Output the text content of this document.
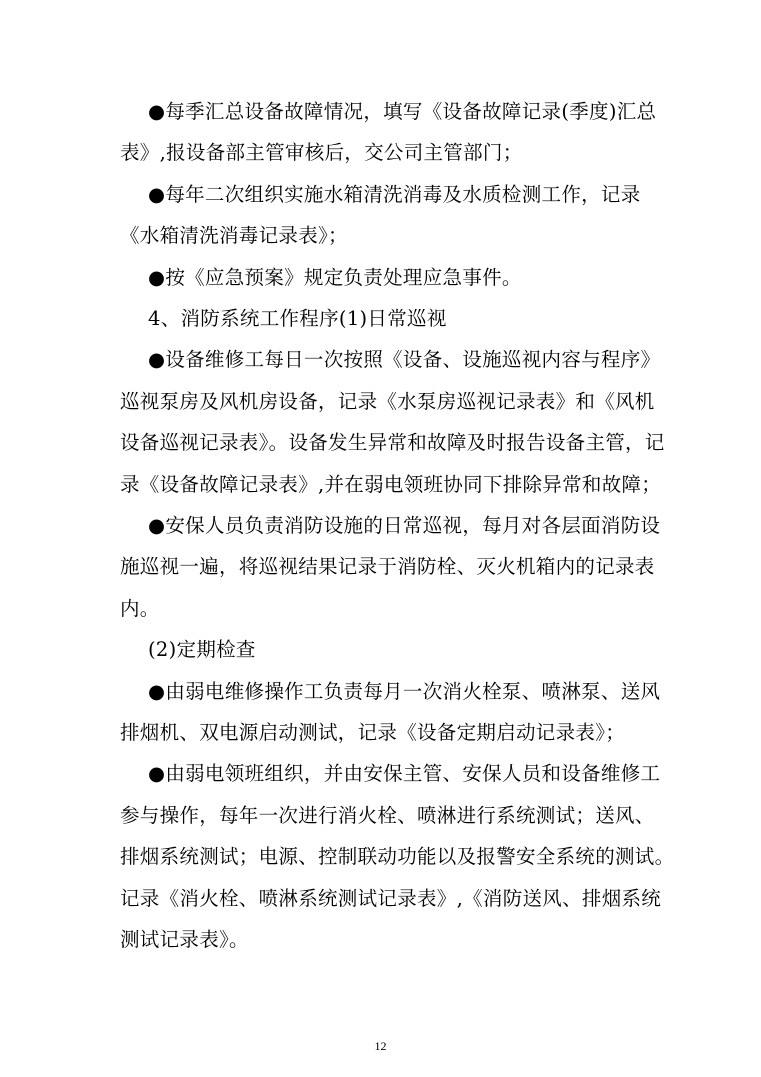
●每季汇总设备故障情况，填写《设备故障记录(季度)汇总
表》,报设备部主管审核后，交公司主管部门；
●每年二次组织实施水箱清洗消毒及水质检测工作，记录
《水箱清洗消毒记录表》；
●按《应急预案》规定负责处理应急事件。
4、消防系统工作程序(1)日常巡视
●设备维修工每日一次按照《设备、设施巡视内容与程序》
巡视泵房及风机房设备，记录《水泵房巡视记录表》和《风机
设备巡视记录表》。设备发生异常和故障及时报告设备主管，记
录《设备故障记录表》,并在弱电领班协同下排除异常和故障；
●安保人员负责消防设施的日常巡视，每月对各层面消防设
施巡视一遍，将巡视结果记录于消防栓、灭火机箱内的记录表
内。
(2)定期检查
●由弱电维修操作工负责每月一次消火栓泵、喷淋泵、送风
排烟机、双电源启动测试，记录《设备定期启动记录表》；
●由弱电领班组织，并由安保主管、安保人员和设备维修工
参与操作，每年一次进行消火栓、喷淋进行系统测试；送风、
排烟系统测试；电源、控制联动功能以及报警安全系统的测试。
记录《消火栓、喷淋系统测试记录表》,《消防送风、排烟系统
测试记录表》。
12
